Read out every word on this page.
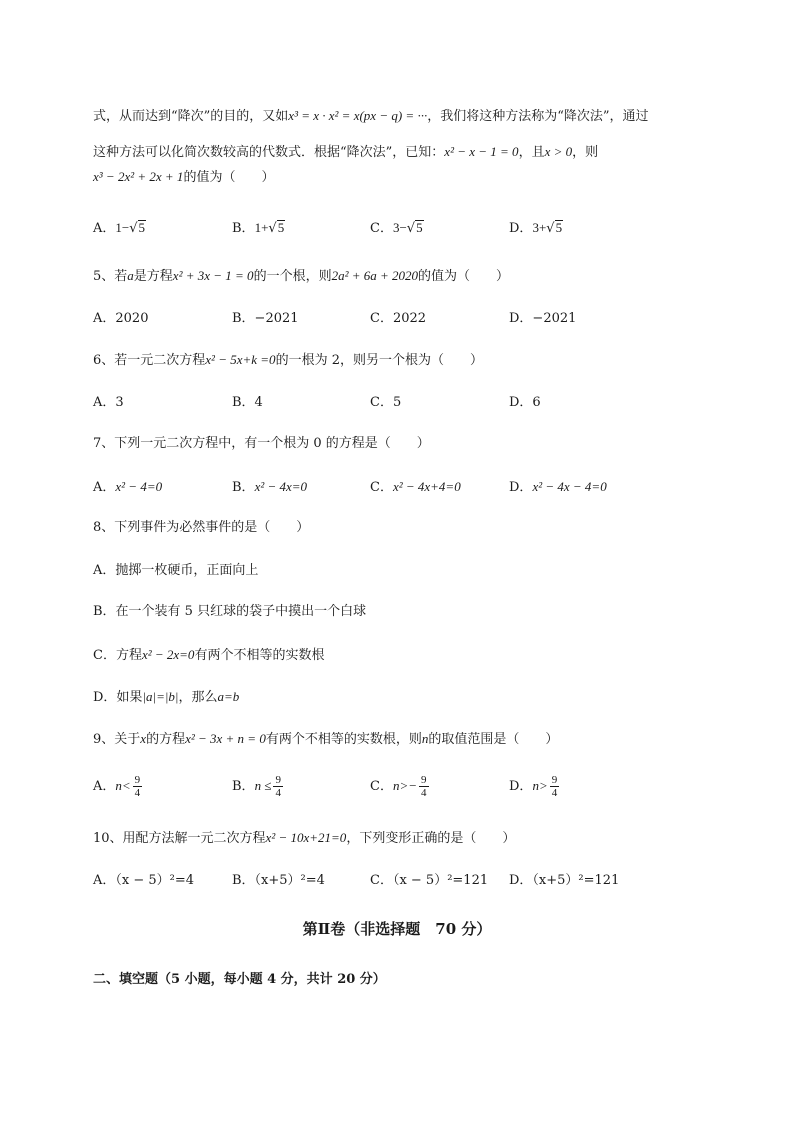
式，从而达到“降次”的目的，又如x³ = x · x² = x(px − q) = ···，我们将这种方法称为“降次法”，通过
这种方法可以化简次数较高的代数式．根据“降次法”，已知：x² − x − 1 = 0，且x > 0，则
x³ − 2x² + 2x + 1的值为（　　）
A．1−√5	B．1+√5	C．3−√5	D．3+√5
5、若a是方程x² + 3x − 1 = 0的一个根，则2a² + 6a + 2020的值为（　　）
A．2020	B．−2021	C．2022	D．−2021
6、若一元二次方程x² − 5x+k =0的一根为 2，则另一个根为（　　）
A．3	B．4	C．5	D．6
7、下列一元二次方程中，有一个根为 0 的方程是（　　）
A．x² − 4=0	B．x² − 4x=0	C．x² − 4x+4=0	D．x² − 4x − 4=0
8、下列事件为必然事件的是（　　）
A．抛掷一枚硬币，正面向上
B．在一个装有 5 只红球的袋子中摸出一个白球
C．方程x² − 2x=0有两个不相等的实数根
D．如果|a|=|b|，那么a=b
9、关于x的方程x² − 3x + n = 0有两个不相等的实数根，则n的取值范围是（　　）
A．$n< \frac{9}{4}$	B．$n \le \frac{9}{4}$	C．$n>- \frac{9}{4}$	D．$n> \frac{9}{4}$
10、用配方法解一元二次方程x² − 10x+21=0，下列变形正确的是（　　）
A．（x − 5）²=4	B．（x+5）²=4	C．（x − 5）²=121 D．（x+5）²=121
第Ⅱ卷（非选择题　70 分）
二、填空题（5 小题，每小题 4 分，共计 20 分）
